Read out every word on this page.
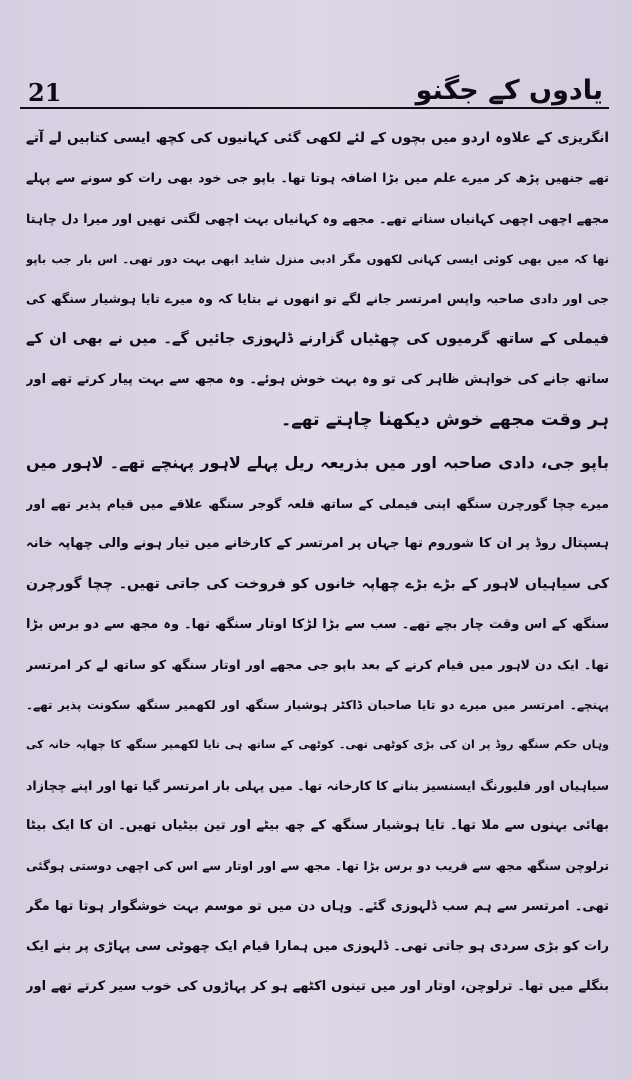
21	یادوں کے جگنو
انگریزی کے علاوہ اردو میں بچوں کے لئے لکھی گئی کہانیوں کی کچھ ایسی کتابیں لے آتے
تھے جنھیں پڑھ کر میرے علم میں بڑا اضافہ ہوتا تھا۔ باپو جی خود بھی رات کو سونے سے پہلے
مجھے اچھی اچھی کہانیاں سناتے تھے۔ مجھے وہ کہانیاں بہت اچھی لگتی تھیں اور میرا دل چاہتا
تھا کہ میں بھی کوئی ایسی کہانی لکھوں مگر ادبی منزل شاید ابھی بہت دور تھی۔ اس بار جب باپو
جی اور دادی صاحبہ واپس امرتسر جانے لگے تو انھوں نے بتایا کہ وہ میرے تایا ہوشیار سنگھ کی
فیملی کے ساتھ گرمیوں کی چھٹیاں گزارنے ڈلہوزی جائیں گے۔ میں نے بھی ان کے
ساتھ جانے کی خواہش ظاہر کی تو وہ بہت خوش ہوئے۔ وہ مجھ سے بہت پیار کرتے تھے اور
ہر وقت مجھے خوش دیکھنا چاہتے تھے۔
باپو جی، دادی صاحبہ اور میں بذریعہ ریل پہلے لاہور پہنچے تھے۔ لاہور میں
میرے چچا گورچرن سنگھ اپنی فیملی کے ساتھ قلعہ گوجر سنگھ علاقے میں قیام پذیر تھے اور
ہسپتال روڈ پر ان کا شوروم تھا جہاں پر امرتسر کے کارخانے میں تیار ہونے والی چھاپہ خانہ
کی سیاہیاں لاہور کے بڑے بڑے چھاپہ خانوں کو فروخت کی جاتی تھیں۔ چچا گورچرن
سنگھ کے اس وقت چار بچے تھے۔ سب سے بڑا لڑکا اوتار سنگھ تھا۔ وہ مجھ سے دو برس بڑا
تھا۔ ایک دن لاہور میں قیام کرنے کے بعد باپو جی مجھے اور اوتار سنگھ کو ساتھ لے کر امرتسر
پہنچے۔ امرتسر میں میرے دو تایا صاحبان ڈاکٹر ہوشیار سنگھ اور لکھمیر سنگھ سکونت پذیر تھے۔
وہاں حکم سنگھ روڈ پر ان کی بڑی کوٹھی تھی۔ کوٹھی کے ساتھ ہی تایا لکھمیر سنگھ کا چھاپہ خانہ کی
سیاہیاں اور فلیورنگ ایسنسیز بنانے کا کارخانہ تھا۔ میں پہلی بار امرتسر گیا تھا اور اپنے چچازاد
بھائی بہنوں سے ملا تھا۔ تایا ہوشیار سنگھ کے چھ بیٹے اور تین بیٹیاں تھیں۔ ان کا ایک بیٹا
ترلوچن سنگھ مجھ سے قریب دو برس بڑا تھا۔ مجھ سے اور اوتار سے اس کی اچھی دوستی ہوگئی
تھی۔ امرتسر سے ہم سب ڈلہوزی گئے۔ وہاں دن میں تو موسم بہت خوشگوار ہوتا تھا مگر
رات کو بڑی سردی ہو جاتی تھی۔ ڈلہوزی میں ہمارا قیام ایک چھوٹی سی پہاڑی پر بنے ایک
بنگلے میں تھا۔ ترلوچن، اوتار اور میں تینوں اکٹھے ہو کر پہاڑوں کی خوب سیر کرتے تھے اور
